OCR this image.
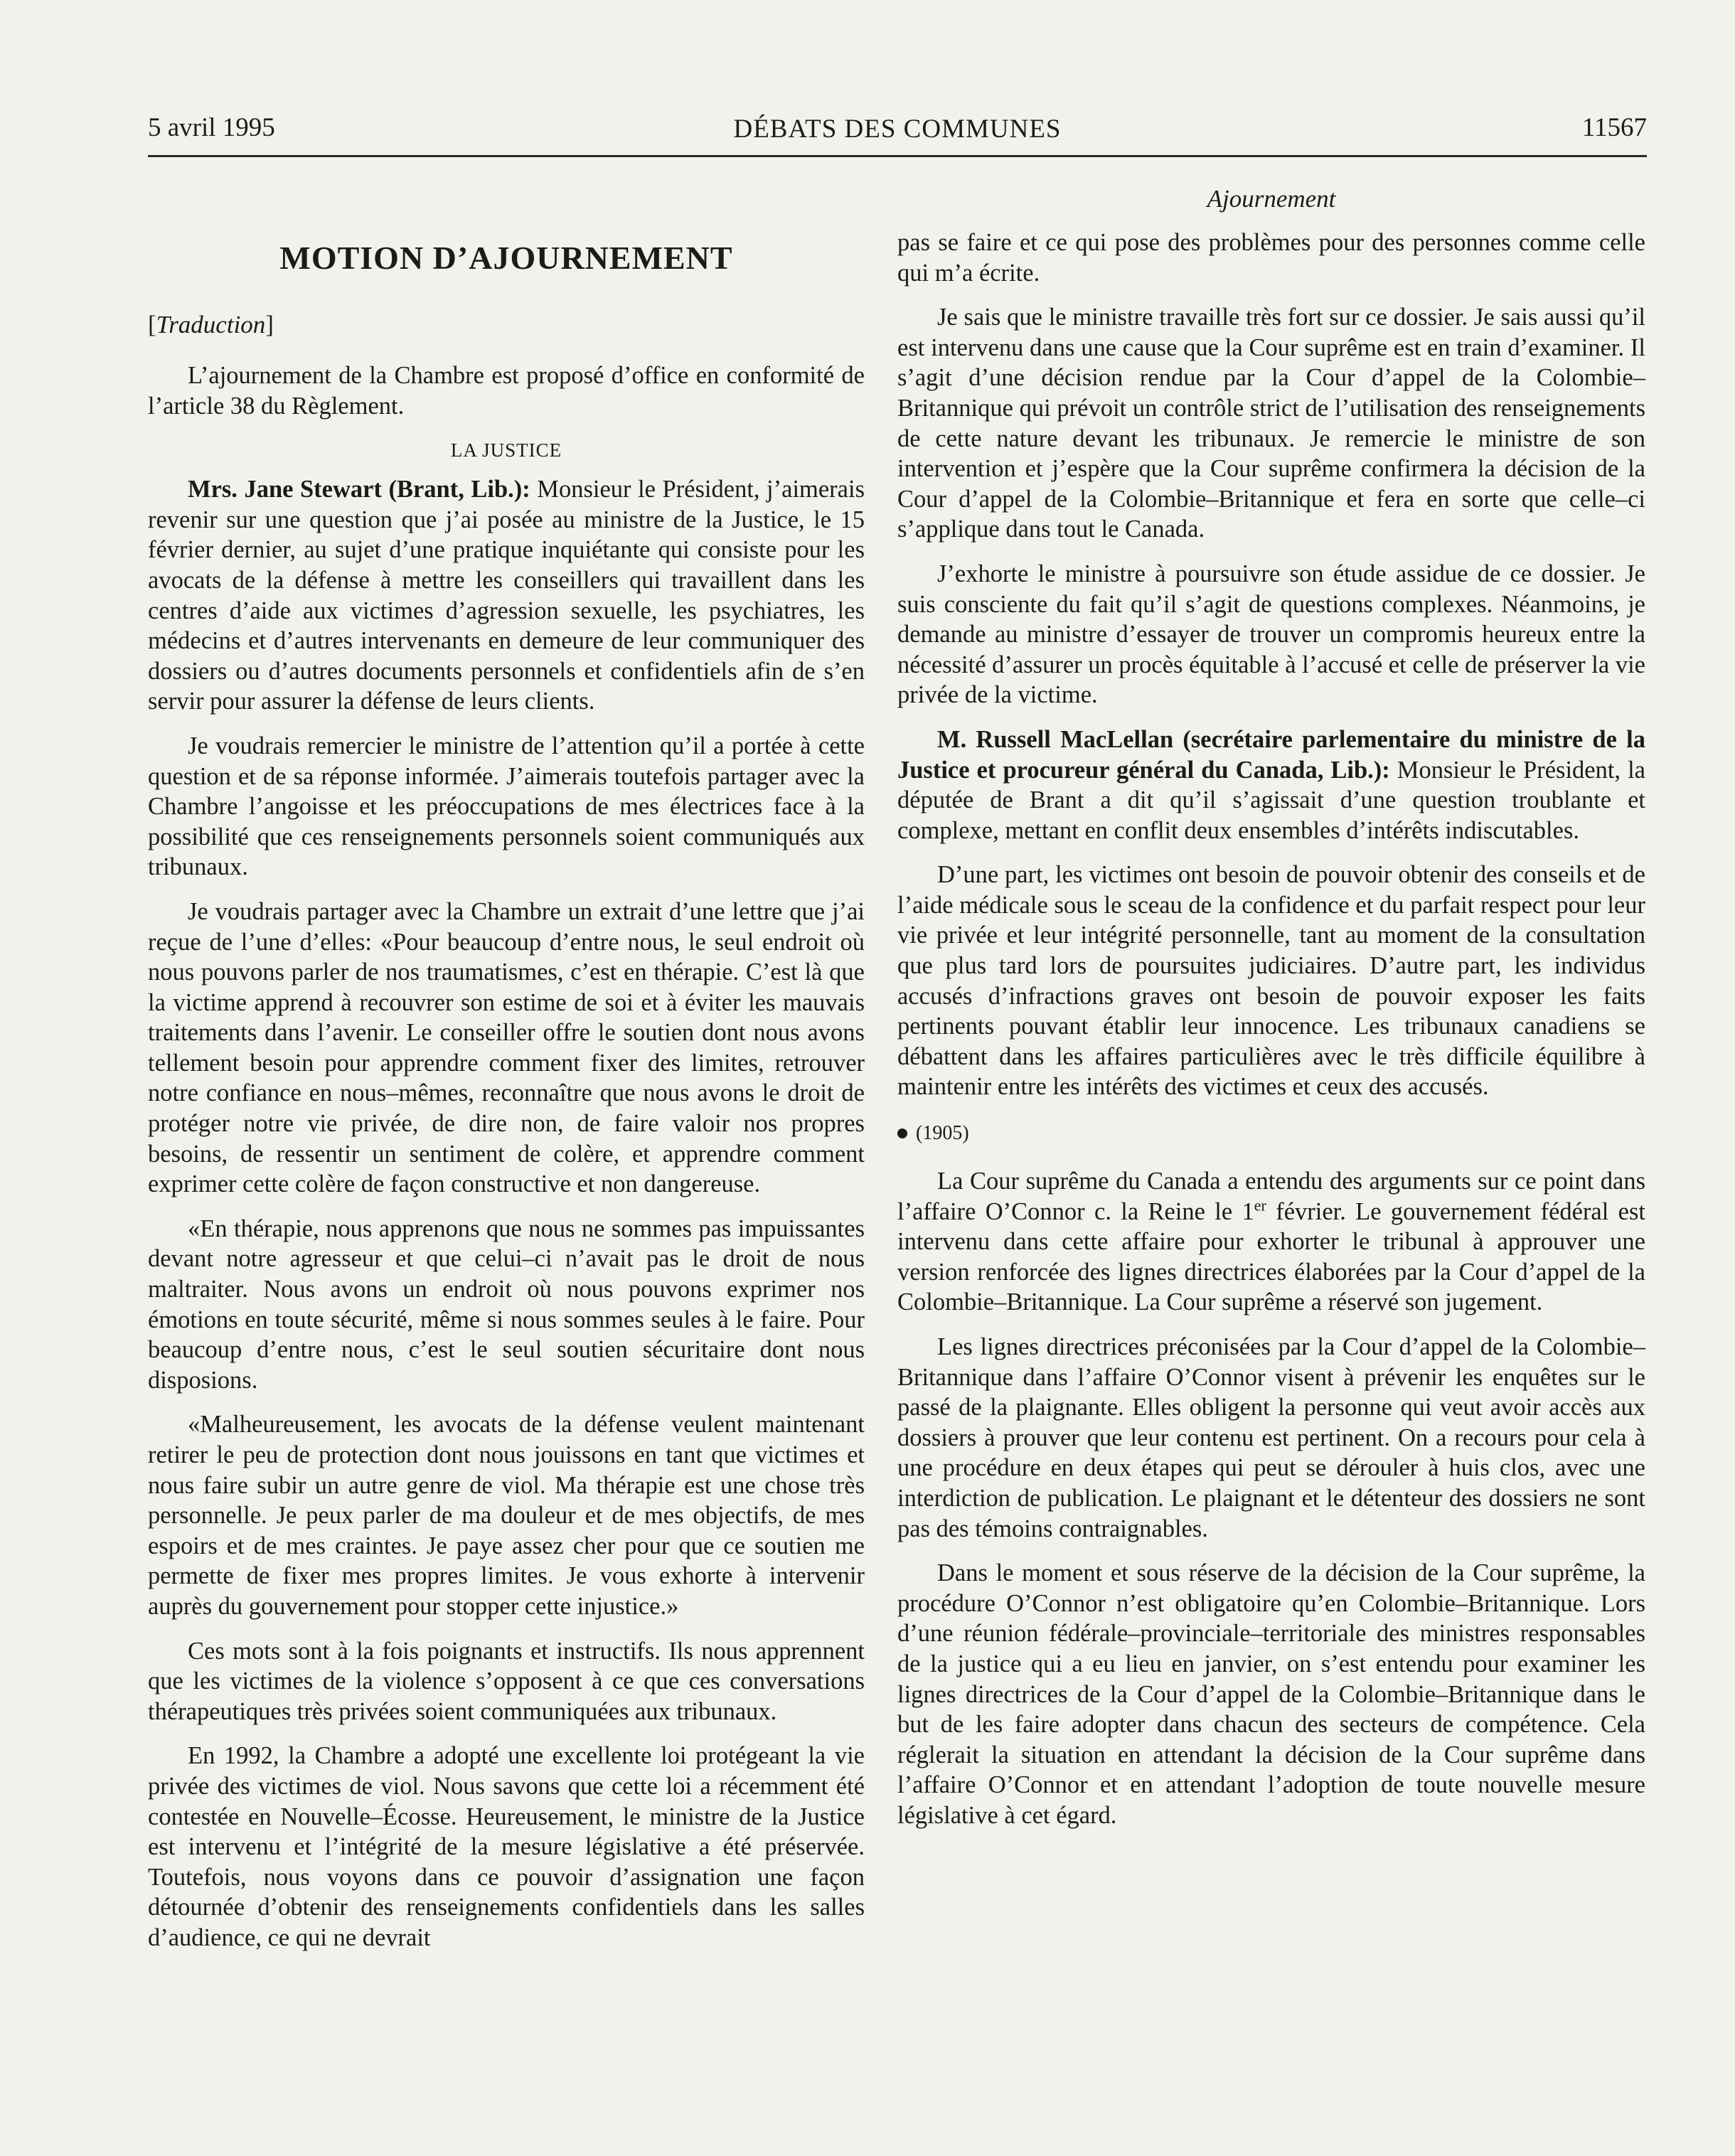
5 avril 1995	DÉBATS DES COMMUNES	11567
MOTION D’AJOURNEMENT
[Traduction]

L’ajournement de la Chambre est proposé d’office en conformité de l’article 38 du Règlement.

LA JUSTICE

Mrs. Jane Stewart (Brant, Lib.): Monsieur le Président, j’aimerais revenir sur une question que j’ai posée au ministre de la Justice, le 15 février dernier, au sujet d’une pratique inquiétante qui consiste pour les avocats de la défense à mettre les conseillers qui travaillent dans les centres d’aide aux victimes d’agression sexuelle, les psychiatres, les médecins et d’autres intervenants en demeure de leur communiquer des dossiers ou d’autres documents personnels et confidentiels afin de s’en servir pour assurer la défense de leurs clients.

Je voudrais remercier le ministre de l’attention qu’il a portée à cette question et de sa réponse informée. J’aimerais toutefois partager avec la Chambre l’angoisse et les préoccupations de mes électrices face à la possibilité que ces renseignements personnels soient communiqués aux tribunaux.

Je voudrais partager avec la Chambre un extrait d’une lettre que j’ai reçue de l’une d’elles: «Pour beaucoup d’entre nous, le seul endroit où nous pouvons parler de nos traumatismes, c’est en thérapie. C’est là que la victime apprend à recouvrer son estime de soi et à éviter les mauvais traitements dans l’avenir. Le conseiller offre le soutien dont nous avons tellement besoin pour apprendre comment fixer des limites, retrouver notre confiance en nous–mêmes, reconnaître que nous avons le droit de protéger notre vie privée, de dire non, de faire valoir nos propres besoins, de ressentir un sentiment de colère, et apprendre comment exprimer cette colère de façon constructive et non dangereuse.

«En thérapie, nous apprenons que nous ne sommes pas impuissantes devant notre agresseur et que celui–ci n’avait pas le droit de nous maltraiter. Nous avons un endroit où nous pouvons exprimer nos émotions en toute sécurité, même si nous sommes seules à le faire. Pour beaucoup d’entre nous, c’est le seul soutien sécuritaire dont nous disposions.

«Malheureusement, les avocats de la défense veulent maintenant retirer le peu de protection dont nous jouissons en tant que victimes et nous faire subir un autre genre de viol. Ma thérapie est une chose très personnelle. Je peux parler de ma douleur et de mes objectifs, de mes espoirs et de mes craintes. Je paye assez cher pour que ce soutien me permette de fixer mes propres limites. Je vous exhorte à intervenir auprès du gouvernement pour stopper cette injustice.»

Ces mots sont à la fois poignants et instructifs. Ils nous apprennent que les victimes de la violence s’opposent à ce que ces conversations thérapeutiques très privées soient communiquées aux tribunaux.

En 1992, la Chambre a adopté une excellente loi protégeant la vie privée des victimes de viol. Nous savons que cette loi a récemment été contestée en Nouvelle–Écosse. Heureusement, le ministre de la Justice est intervenu et l’intégrité de la mesure législative a été préservée. Toutefois, nous voyons dans ce pouvoir d’assignation une façon détournée d’obtenir des renseignements confidentiels dans les salles d’audience, ce qui ne devrait

Ajournement

pas se faire et ce qui pose des problèmes pour des personnes comme celle qui m’a écrite.

Je sais que le ministre travaille très fort sur ce dossier. Je sais aussi qu’il est intervenu dans une cause que la Cour suprême est en train d’examiner. Il s’agit d’une décision rendue par la Cour d’appel de la Colombie–Britannique qui prévoit un contrôle strict de l’utilisation des renseignements de cette nature devant les tribunaux. Je remercie le ministre de son intervention et j’espère que la Cour suprême confirmera la décision de la Cour d’appel de la Colombie–Britannique et fera en sorte que celle–ci s’applique dans tout le Canada.

J’exhorte le ministre à poursuivre son étude assidue de ce dossier. Je suis consciente du fait qu’il s’agit de questions complexes. Néanmoins, je demande au ministre d’essayer de trouver un compromis heureux entre la nécessité d’assurer un procès équitable à l’accusé et celle de préserver la vie privée de la victime.

M. Russell MacLellan (secrétaire parlementaire du ministre de la Justice et procureur général du Canada, Lib.): Monsieur le Président, la députée de Brant a dit qu’il s’agissait d’une question troublante et complexe, mettant en conflit deux ensembles d’intérêts indiscutables.

D’une part, les victimes ont besoin de pouvoir obtenir des conseils et de l’aide médicale sous le sceau de la confidence et du parfait respect pour leur vie privée et leur intégrité personnelle, tant au moment de la consultation que plus tard lors de poursuites judiciaires. D’autre part, les individus accusés d’infractions graves ont besoin de pouvoir exposer les faits pertinents pouvant établir leur innocence. Les tribunaux canadiens se débattent dans les affaires particulières avec le très difficile équilibre à maintenir entre les intérêts des victimes et ceux des accusés.

(1905)

La Cour suprême du Canada a entendu des arguments sur ce point dans l’affaire O’Connor c. la Reine le 1er février. Le gouvernement fédéral est intervenu dans cette affaire pour exhorter le tribunal à approuver une version renforcée des lignes directrices élaborées par la Cour d’appel de la Colombie–Britannique. La Cour suprême a réservé son jugement.

Les lignes directrices préconisées par la Cour d’appel de la Colombie–Britannique dans l’affaire O’Connor visent à prévenir les enquêtes sur le passé de la plaignante. Elles obligent la personne qui veut avoir accès aux dossiers à prouver que leur contenu est pertinent. On a recours pour cela à une procédure en deux étapes qui peut se dérouler à huis clos, avec une interdiction de publication. Le plaignant et le détenteur des dossiers ne sont pas des témoins contraignables.

Dans le moment et sous réserve de la décision de la Cour suprême, la procédure O’Connor n’est obligatoire qu’en Colombie–Britannique. Lors d’une réunion fédérale–provinciale–territoriale des ministres responsables de la justice qui a eu lieu en janvier, on s’est entendu pour examiner les lignes directrices de la Cour d’appel de la Colombie–Britannique dans le but de les faire adopter dans chacun des secteurs de compétence. Cela réglerait la situation en attendant la décision de la Cour suprême dans l’affaire O’Connor et en attendant l’adoption de toute nouvelle mesure législative à cet égard.
